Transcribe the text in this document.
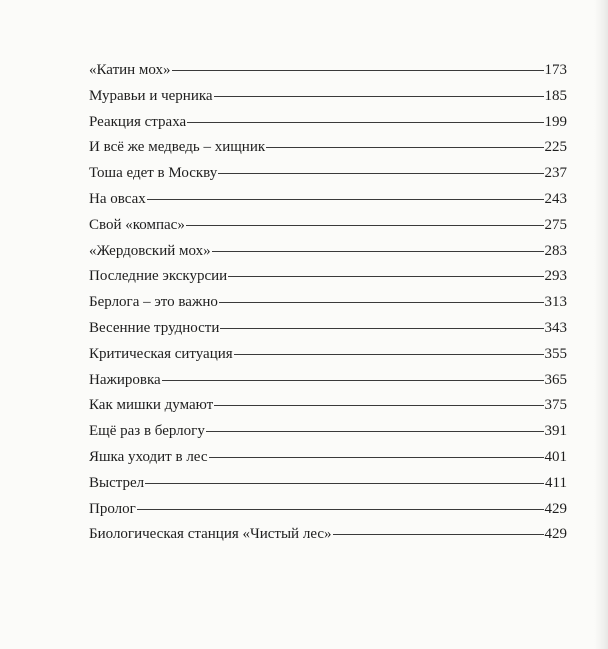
«Катин мох»	173
Муравьи и черника	185
Реакция страха	199
И всё же медведь – хищник	225
Тоша едет в Москву	237
На овсах	243
Свой «компас»	275
«Жердовский мох»	283
Последние экскурсии	293
Берлога – это важно	313
Весенние трудности	343
Критическая ситуация	355
Нажировка	365
Как мишки думают	375
Ещё раз в берлогу	391
Яшка уходит в лес	401
Выстрел	411
Пролог	429
Биологическая станция «Чистый лес»	429
